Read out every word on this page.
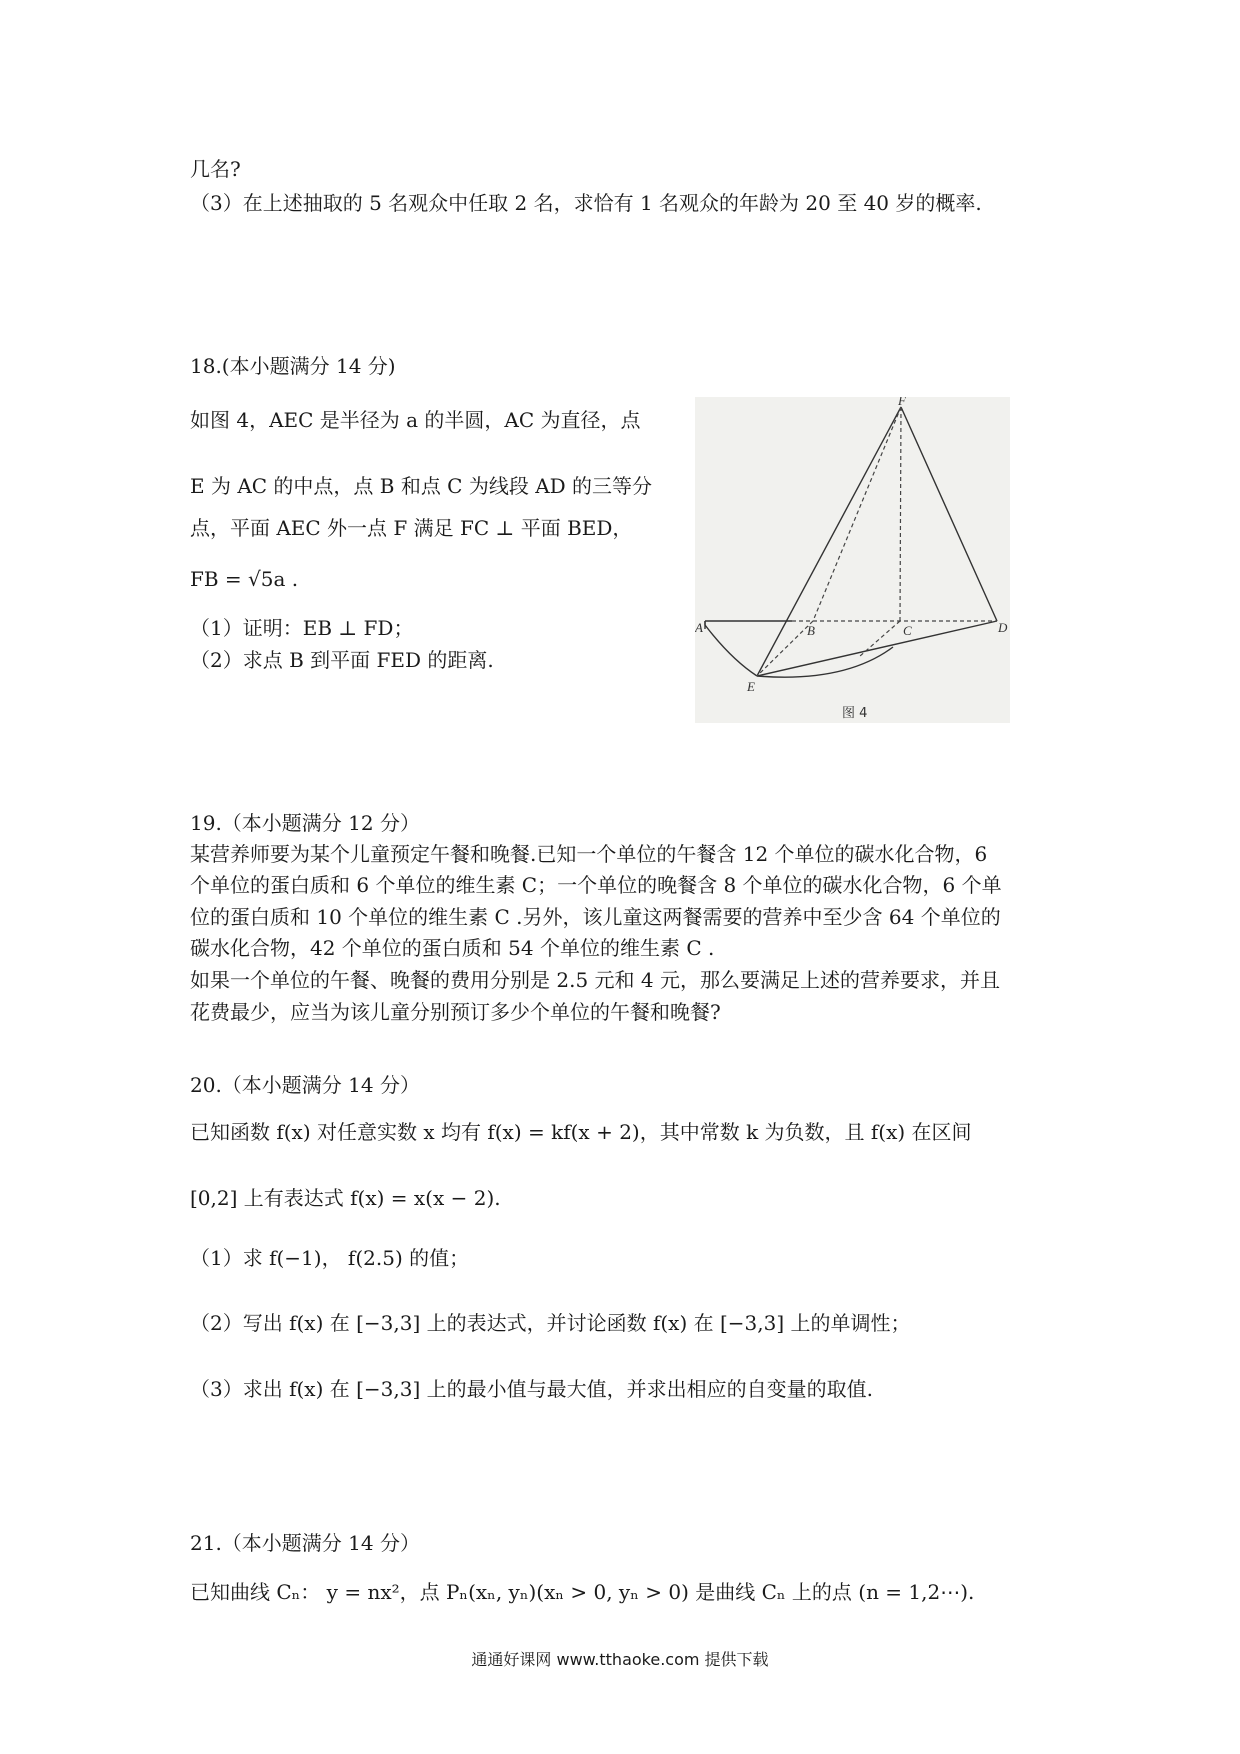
几名?
（3）在上述抽取的 5 名观众中任取 2 名，求恰有 1 名观众的年龄为 20 至 40 岁的概率.
18.(本小题满分 14 分)
如图 4，AEC 是半径为 a 的半圆，AC 为直径，点
E 为 AC 的中点，点 B 和点 C 为线段 AD 的三等分
点，平面 AEC 外一点 F 满足 FC ⊥ 平面 BED，
FB = √5a .
（1）证明：EB ⊥ FD；
（2）求点 B 到平面 FED 的距离.
F
A	B	C	D
E
图 4
19.（本小题满分 12 分）
某营养师要为某个儿童预定午餐和晚餐.已知一个单位的午餐含 12 个单位的碳水化合物，6
个单位的蛋白质和 6 个单位的维生素 C；一个单位的晚餐含 8 个单位的碳水化合物，6 个单
位的蛋白质和 10 个单位的维生素 C .另外，该儿童这两餐需要的营养中至少含 64 个单位的
碳水化合物，42 个单位的蛋白质和 54 个单位的维生素 C .
如果一个单位的午餐、晚餐的费用分别是 2.5 元和 4 元，那么要满足上述的营养要求，并且
花费最少，应当为该儿童分别预订多少个单位的午餐和晚餐?
20.（本小题满分 14 分）
已知函数 f(x) 对任意实数 x 均有 f(x) = kf(x + 2)，其中常数 k 为负数，且 f(x) 在区间
[0,2] 上有表达式 f(x) = x(x − 2).
（1）求 f(−1)， f(2.5) 的值；
（2）写出 f(x) 在 [−3,3] 上的表达式，并讨论函数 f(x) 在 [−3,3] 上的单调性；
（3）求出 f(x) 在 [−3,3] 上的最小值与最大值，并求出相应的自变量的取值.
21.（本小题满分 14 分）
已知曲线 Cₙ： y = nx²，点 Pₙ(xₙ, yₙ)(xₙ > 0, yₙ > 0) 是曲线 Cₙ 上的点 (n = 1,2⋯).
通通好课网 www.tthaoke.com 提供下载
